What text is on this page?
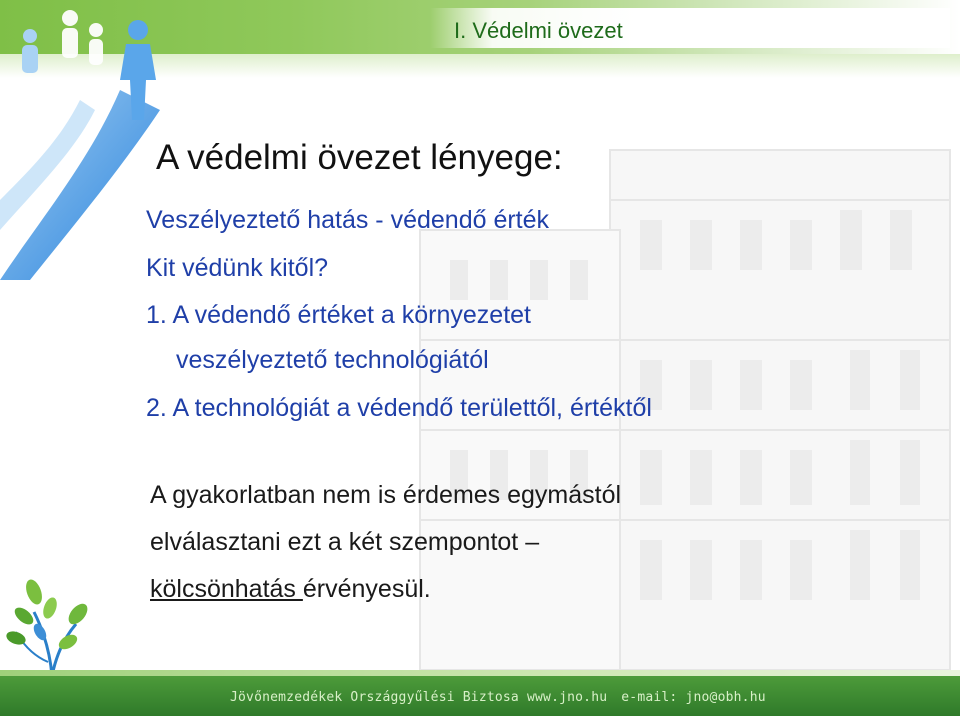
I. Védelmi övezet
A védelmi övezet lényege:
Veszélyeztető hatás - védendő érték
Kit védünk kitől?
1. A védendő értéket a környezetet
veszélyeztető technológiától
2. A technológiát a védendő területtől, értéktől
A gyakorlatban nem is érdemes egymástól
elválasztani ezt a két szempontot –
kölcsönhatás érvényesül.
Jövőnemzedékek Országgyűlési Biztosa www.jno.hu e-mail: jno@obh.hu
